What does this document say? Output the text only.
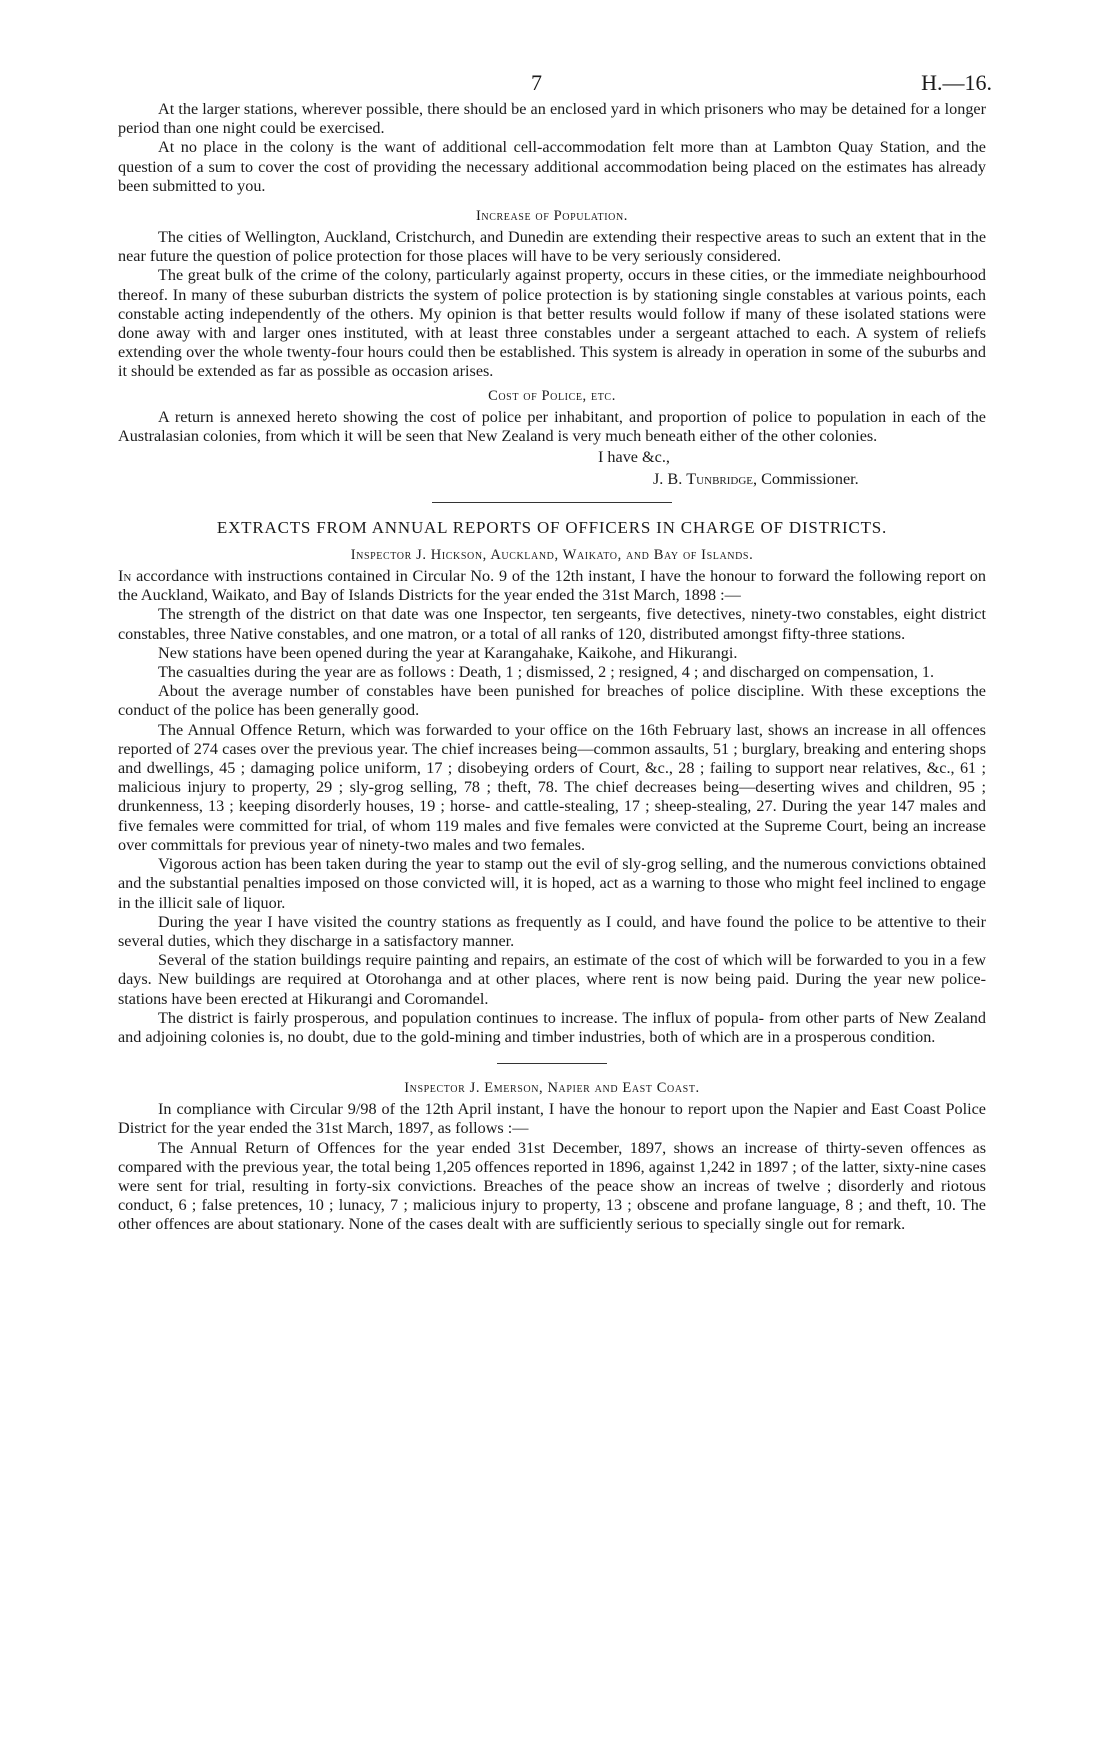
7	H.—16.

At the larger stations, wherever possible, there should be an enclosed yard in which prisoners who may be detained for a longer period than one night could be exercised.

At no place in the colony is the want of additional cell-accommodation felt more than at Lambton Quay Station, and the question of a sum to cover the cost of providing the necessary additional accommodation being placed on the estimates has already been submitted to you.

Increase of Population.

The cities of Wellington, Auckland, Cristchurch, and Dunedin are extending their respective areas to such an extent that in the near future the question of police protection for those places will have to be very seriously considered.

The great bulk of the crime of the colony, particularly against property, occurs in these cities, or the immediate neighbourhood thereof. In many of these suburban districts the system of police protection is by stationing single constables at various points, each constable acting independently of the others. My opinion is that better results would follow if many of these isolated stations were done away with and larger ones instituted, with at least three constables under a sergeant attached to each. A system of reliefs extending over the whole twenty-four hours could then be established. This system is already in operation in some of the suburbs and it should be extended as far as possible as occasion arises.

Cost of Police, etc.

A return is annexed hereto showing the cost of police per inhabitant, and proportion of police to population in each of the Australasian colonies, from which it will be seen that New Zealand is very much beneath either of the other colonies.

I have &c.,
J. B. Tunbridge, Commissioner.
EXTRACTS FROM ANNUAL REPORTS OF OFFICERS IN CHARGE OF DISTRICTS.
Inspector J. Hickson, Auckland, Waikato, and Bay of Islands.

In accordance with instructions contained in Circular No. 9 of the 12th instant, I have the honour to forward the following report on the Auckland, Waikato, and Bay of Islands Districts for the year ended the 31st March, 1898 :—

The strength of the district on that date was one Inspector, ten sergeants, five detectives, ninety-two constables, eight district constables, three Native constables, and one matron, or a total of all ranks of 120, distributed amongst fifty-three stations.

New stations have been opened during the year at Karangahake, Kaikohe, and Hikurangi.

The casualties during the year are as follows : Death, 1 ; dismissed, 2 ; resigned, 4 ; and discharged on compensation, 1.

About the average number of constables have been punished for breaches of police discipline. With these exceptions the conduct of the police has been generally good.

The Annual Offence Return, which was forwarded to your office on the 16th February last, shows an increase in all offences reported of 274 cases over the previous year. The chief increases being—common assaults, 51 ; burglary, breaking and entering shops and dwellings, 45 ; damaging police uniform, 17 ; disobeying orders of Court, &c., 28 ; failing to support near relatives, &c., 61 ; malicious injury to property, 29 ; sly-grog selling, 78 ; theft, 78. The chief decreases being—deserting wives and children, 95 ; drunkenness, 13 ; keeping disorderly houses, 19 ; horse- and cattle-stealing, 17 ; sheep-stealing, 27. During the year 147 males and five females were committed for trial, of whom 119 males and five females were convicted at the Supreme Court, being an increase over committals for previous year of ninety-two males and two females.

Vigorous action has been taken during the year to stamp out the evil of sly-grog selling, and the numerous convictions obtained and the substantial penalties imposed on those convicted will, it is hoped, act as a warning to those who might feel inclined to engage in the illicit sale of liquor.

During the year I have visited the country stations as frequently as I could, and have found the police to be attentive to their several duties, which they discharge in a satisfactory manner.

Several of the station buildings require painting and repairs, an estimate of the cost of which will be forwarded to you in a few days. New buildings are required at Otorohanga and at other places, where rent is now being paid. During the year new police-stations have been erected at Hikurangi and Coromandel.

The district is fairly prosperous, and population continues to increase. The influx of popula- from other parts of New Zealand and adjoining colonies is, no doubt, due to the gold-mining and timber industries, both of which are in a prosperous condition.

Inspector J. Emerson, Napier and East Coast.

In compliance with Circular 9/98 of the 12th April instant, I have the honour to report upon the Napier and East Coast Police District for the year ended the 31st March, 1897, as follows :—

The Annual Return of Offences for the year ended 31st December, 1897, shows an increase of thirty-seven offences as compared with the previous year, the total being 1,205 offences reported in 1896, against 1,242 in 1897 ; of the latter, sixty-nine cases were sent for trial, resulting in forty-six convictions. Breaches of the peace show an increas of twelve ; disorderly and riotous conduct, 6 ; false pretences, 10 ; lunacy, 7 ; malicious injury to property, 13 ; obscene and profane language, 8 ; and theft, 10. The other offences are about stationary. None of the cases dealt with are sufficiently serious to specially single out for remark.
